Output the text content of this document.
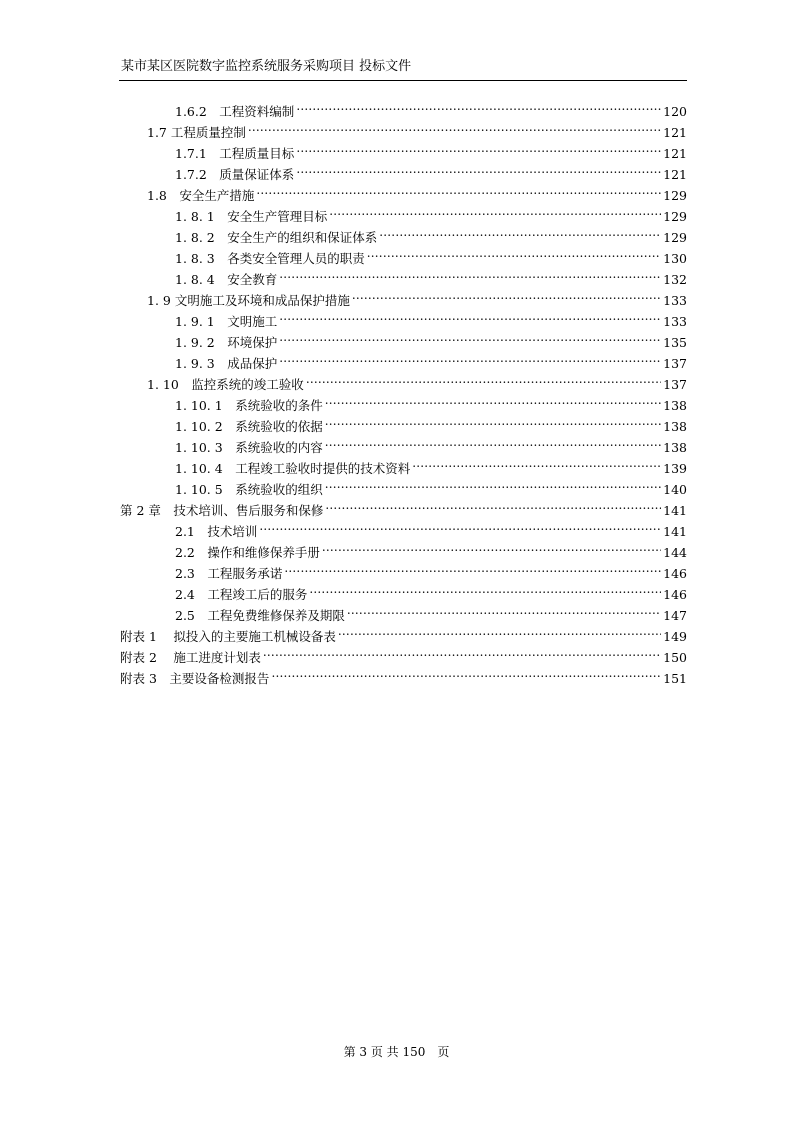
某市某区医院数字监控系统服务采购项目 投标文件
1.6.2　工程资料编制 .....	120
1.7 工程质量控制 .....	121
1.7.1　工程质量目标 .....	121
1.7.2　质量保证体系 .....	121
1.8　安全生产措施 .....	129
1. 8. 1　安全生产管理目标 .....	129
1. 8. 2　安全生产的组织和保证体系 .....	129
1. 8. 3　各类安全管理人员的职责 .....	130
1. 8. 4　安全教育 .....	132
1. 9 文明施工及环境和成品保护措施 .....	133
1. 9. 1　文明施工 .....	133
1. 9. 2　环境保护 .....	135
1. 9. 3　成品保护 .....	137
1. 10　监控系统的竣工验收 .....	137
1. 10. 1　系统验收的条件 .....	138
1. 10. 2　系统验收的依据 .....	138
1. 10. 3　系统验收的内容 .....	138
1. 10. 4　工程竣工验收时提供的技术资料 .....	139
1. 10. 5　系统验收的组织 .....	140
第 2 章　技术培训、售后服务和保修 .....	141
2.1　技术培训 .....	141
2.2　操作和维修保养手册 .....	144
2.3　工程服务承诺 .....	146
2.4　工程竣工后的服务 .....	146
2.5　工程免费维修保养及期限 .....	147
附表 1　 拟投入的主要施工机械设备表 .....	149
附表 2　 施工进度计划表 .....	150
附表 3　主要设备检测报告 .....	151
第 3 页 共 150　页
